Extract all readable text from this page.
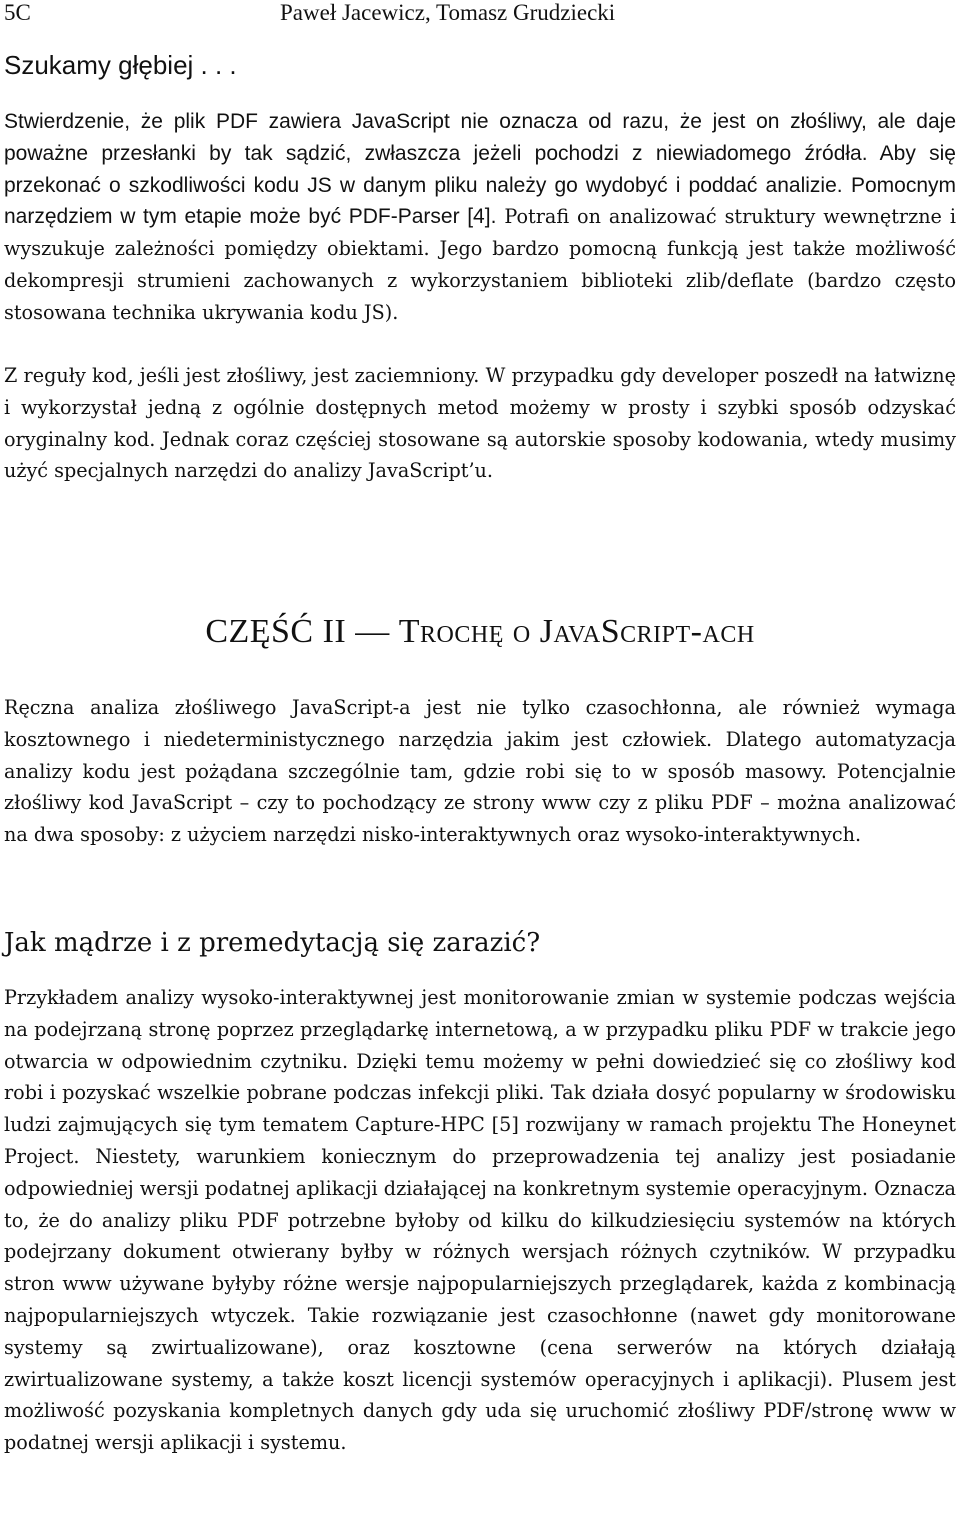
5C	Paweł Jacewicz, Tomasz Grudziecki
Szukamy głębiej . . .
Stwierdzenie, że plik PDF zawiera JavaScript nie oznacza od razu, że jest on złośliwy, ale daje poważne przesłanki by tak sądzić, zwłaszcza jeżeli pochodzi z niewiadomego źródła. Aby się przekonać o szkodliwości kodu JS w danym pliku należy go wydobyć i poddać analizie. Pomocnym narzędziem w tym etapie może być PDF-Parser [4]. Potrafi on analizować struktury wewnętrzne i wyszukuje zależności pomiędzy obiektami. Jego bardzo pomocną funkcją jest także możliwość dekompresji strumieni zachowanych z wykorzystaniem biblioteki zlib/deflate (bardzo często stosowana technika ukrywania kodu JS).
Z reguły kod, jeśli jest złośliwy, jest zaciemniony. W przypadku gdy developer poszedł na łatwiznę i wykorzystał jedną z ogólnie dostępnych metod możemy w prosty i szybki sposób odzyskać oryginalny kod. Jednak coraz częściej stosowane są autorskie sposoby kodowania, wtedy musimy użyć specjalnych narzędzi do analizy JavaScript’u.
CZĘŚĆ II — Trochę o JavaScript-ach
Ręczna analiza złośliwego JavaScript-a jest nie tylko czasochłonna, ale również wymaga kosztownego i niedeterministycznego narzędzia jakim jest człowiek. Dlatego automatyzacja analizy kodu jest pożądana szczególnie tam, gdzie robi się to w sposób masowy. Potencjalnie złośliwy kod JavaScript – czy to pochodzący ze strony www czy z pliku PDF – można analizować na dwa sposoby: z użyciem narzędzi nisko-interaktywnych oraz wysoko-interaktywnych.
Jak mądrze i z premedytacją się zarazić?
Przykładem analizy wysoko-interaktywnej jest monitorowanie zmian w systemie podczas wejścia na podejrzaną stronę poprzez przeglądarkę internetową, a w przypadku pliku PDF w trakcie jego otwarcia w odpowiednim czytniku. Dzięki temu możemy w pełni dowiedzieć się co złośliwy kod robi i pozyskać wszelkie pobrane podczas infekcji pliki. Tak działa dosyć popularny w środowisku ludzi zajmujących się tym tematem Capture-HPC [5] rozwijany w ramach projektu The Honeynet Project. Niestety, warunkiem koniecznym do przeprowadzenia tej analizy jest posiadanie odpowiedniej wersji podatnej aplikacji działającej na konkretnym systemie operacyjnym. Oznacza to, że do analizy pliku PDF potrzebne byłoby od kilku do kilkudziesięciu systemów na których podejrzany dokument otwierany byłby w różnych wersjach różnych czytników. W przypadku stron www używane byłyby różne wersje najpopularniejszych przeglądarek, każda z kombinacją najpopularniejszych wtyczek. Takie rozwiązanie jest czasochłonne (nawet gdy monitorowane systemy są zwirtualizowane), oraz kosztowne (cena serwerów na których działają zwirtualizowane systemy, a także koszt licencji systemów operacyjnych i aplikacji). Plusem jest możliwość pozyskania kompletnych danych gdy uda się uruchomić złośliwy PDF/stronę www w podatnej wersji aplikacji i systemu.
